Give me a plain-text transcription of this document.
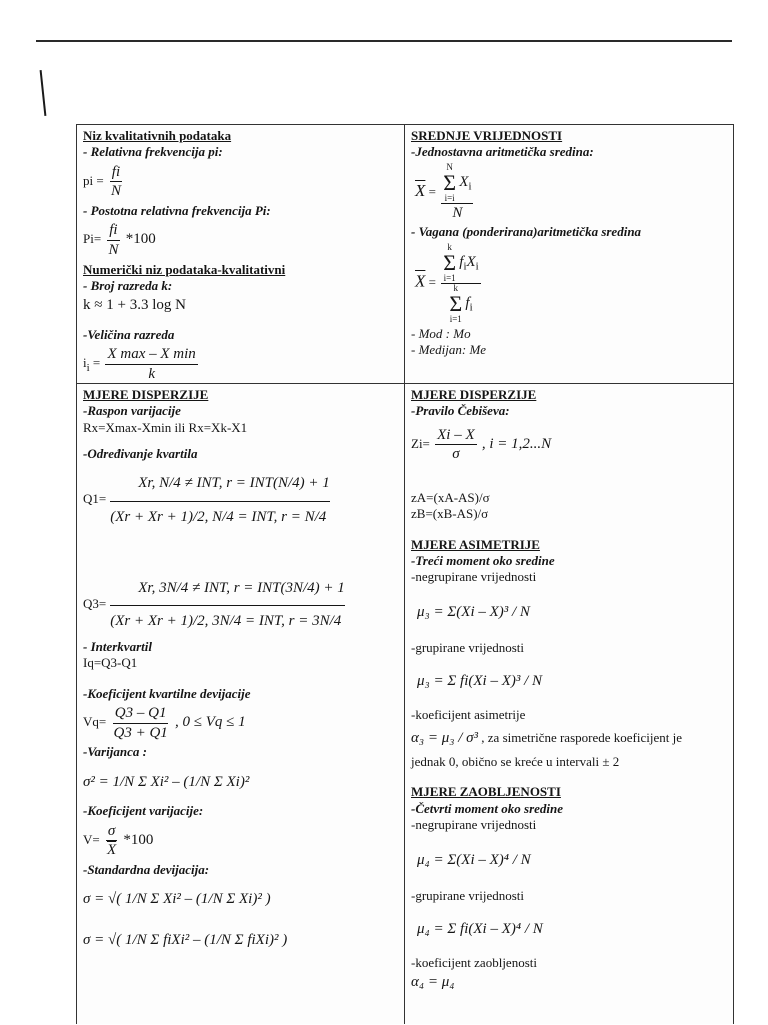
Niz kvalitativnih podataka
- Relativna frekvencija pi:
pi = $\frac{fi}{N}$
- Postotna relativna frekvencija Pi:
$Pi= \frac{fi}{N} *100$
Numerički niz podataka-kvalitativni
- Broj razreda k:
k ≈ 1 + 3.3 log N
-Veličina razreda
$i_i = \frac{\text{X max – X min}}{k}$
SREDNJE VRIJEDNOSTI
-Jednostavna aritmetička sredina:
$\overline{X} = N$
Σ
i=i
$X_i$
N
- Vagana (ponderirana)aritmetička sredina
$\overline{X} = k$
Σ
i=1
$f_iX_i$
k
Σ
i=1
$f_i$
- Mod : Mo
- Medijan: Me
MJERE DISPERZIJE
-Raspon varijacije
Rx=Xmax-Xmin ili Rx=Xk-X1
-Određivanje kvartila
Q1=
Xr, N/4 ≠ INT, r = INT(N/4) + 1
(Xr + Xr + 1)/2, N/4 = INT, r = N/4
Q3=
Xr, 3N/4 ≠ INT, r = INT(3N/4) + 1
(Xr + Xr + 1)/2, 3N/4 = INT, r = 3N/4
- Interkvartil
Iq=Q3-Q1
-Koeficijent kvartilne devijacije
$Vq= \frac{Q3 - Q1}{Q3 + Q1}$ , 0 ≤ Vq ≤ 1
-Varijanca :
σ² = 1/N Σ Xi² – (1/N Σ Xi)²
-Koeficijent varijacije:
$V= \frac{\sigma}{X} *100$
-Standardna devijacija:
σ = √( 1/N Σ Xi² – (1/N Σ Xi)² )
σ = √( 1/N Σ fiXi² – (1/N Σ fiXi)² )
MJERE DISPERZIJE
-Pravilo Čebiševa:
$Zi= \frac{Xi - X}{\sigma}$ , i = 1,2...N
zA=(xA-AS)/σ
zB=(xB-AS)/σ
MJERE ASIMETRIJE
-Treći moment oko sredine
-negrupirane vrijednosti
μ₃ = Σ(Xi – X)³ / N
-grupirane vrijednosti
μ₃ = Σ fi(Xi – X)³ / N
-koeficijent asimetrije
α₃ = μ₃ / σ³ , za simetrične rasporede koeficijent je
jednak 0, obično se kreće u intervali ± 2
MJERE ZAOBLJENOSTI
-Četvrti moment oko sredine
-negrupirane vrijednosti
μ₄ = Σ(Xi – X)⁴ / N
-grupirane vrijednosti
μ₄ = Σ fi(Xi – X)⁴ / N
-koeficijent zaobljenosti
α₄ = μ₄
